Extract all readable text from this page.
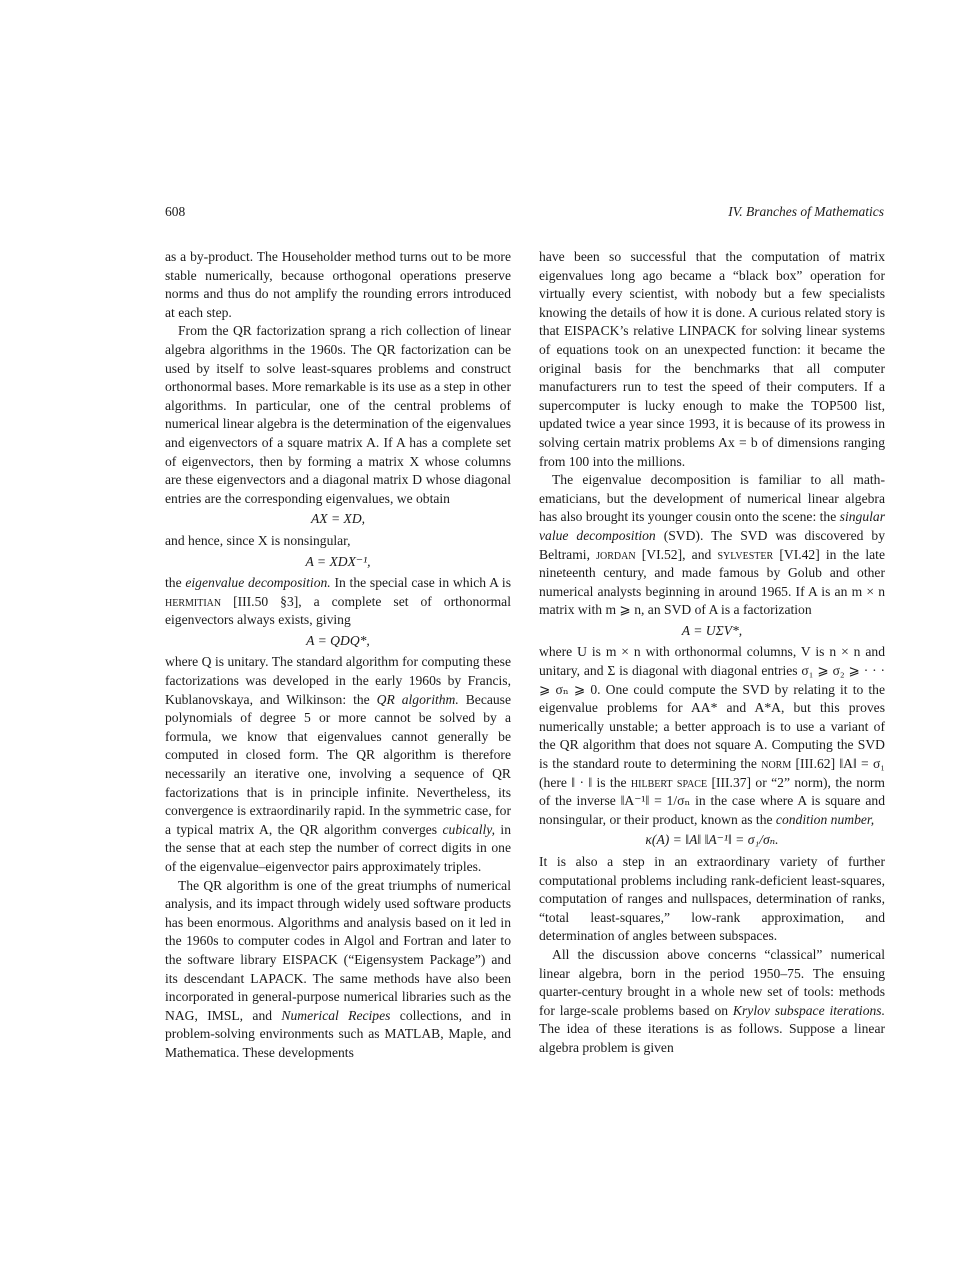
608	IV. Branches of Mathematics

as a by-product. The Householder method turns out to be more stable numerically, because orthogonal operations preserve norms and thus do not amplify the rounding errors introduced at each step.

From the QR factorization sprang a rich collection of linear algebra algorithms in the 1960s. The QR factorization can be used by itself to solve least-squares problems and construct orthonormal bases. More remarkable is its use as a step in other algorithms. In particular, one of the central problems of numerical linear algebra is the determination of the eigenvalues and eigenvectors of a square matrix A. If A has a complete set of eigenvectors, then by forming a matrix X whose columns are these eigenvectors and a diagonal matrix D whose diagonal entries are the corresponding eigenvalues, we obtain

AX = XD,

and hence, since X is nonsingular,

A = XDX⁻¹,

the eigenvalue decomposition. In the special case in which A is hermitian [III.50 §3], a complete set of orthonormal eigenvectors always exists, giving

A = QDQ*,

where Q is unitary. The standard algorithm for computing these factorizations was developed in the early 1960s by Francis, Kublanovskaya, and Wilkinson: the QR algorithm. Because polynomials of degree 5 or more cannot be solved by a formula, we know that eigenvalues cannot generally be computed in closed form. The QR algorithm is therefore necessarily an iterative one, involving a sequence of QR factorizations that is in principle infinite. Nevertheless, its convergence is extraordinarily rapid. In the symmetric case, for a typical matrix A, the QR algorithm converges cubically, in the sense that at each step the number of correct digits in one of the eigenvalue–eigenvector pairs approximately triples.

The QR algorithm is one of the great triumphs of numerical analysis, and its impact through widely used software products has been enormous. Algorithms and analysis based on it led in the 1960s to computer codes in Algol and Fortran and later to the software library EISPACK (“Eigensystem Package”) and its descendant LAPACK. The same methods have also been incorporated in general-purpose numerical libraries such as the NAG, IMSL, and Numerical Recipes collections, and in problem-solving environments such as MATLAB, Maple, and Mathematica. These developments

have been so successful that the computation of matrix eigenvalues long ago became a “black box” operation for virtually every scientist, with nobody but a few specialists knowing the details of how it is done. A curious related story is that EISPACK’s relative LINPACK for solving linear systems of equations took on an unexpected function: it became the original basis for the benchmarks that all computer manufacturers run to test the speed of their computers. If a supercomputer is lucky enough to make the TOP500 list, updated twice a year since 1993, it is because of its prowess in solving certain matrix problems Ax = b of dimensions ranging from 100 into the millions.

The eigenvalue decomposition is familiar to all mathematicians, but the development of numerical linear algebra has also brought its younger cousin onto the scene: the singular value decomposition (SVD). The SVD was discovered by Beltrami, jordan [VI.52], and sylvester [VI.42] in the late nineteenth century, and made famous by Golub and other numerical analysts beginning in around 1965. If A is an m × n matrix with m ⩾ n, an SVD of A is a factorization

A = UΣV*,

where U is m × n with orthonormal columns, V is n × n and unitary, and Σ is diagonal with diagonal entries σ₁ ⩾ σ₂ ⩾ · · · ⩾ σₙ ⩾ 0. One could compute the SVD by relating it to the eigenvalue problems for AA* and A*A, but this proves numerically unstable; a better approach is to use a variant of the QR algorithm that does not square A. Computing the SVD is the standard route to determining the norm [III.62] ‖A‖ = σ₁ (here ‖ · ‖ is the hilbert space [III.37] or “2” norm), the norm of the inverse ‖A⁻¹‖ = 1/σₙ in the case where A is square and nonsingular, or their product, known as the condition number,

κ(A) = ‖A‖ ‖A⁻¹‖ = σ₁/σₙ.

It is also a step in an extraordinary variety of further computational problems including rank-deficient least-squares, computation of ranges and nullspaces, determination of ranks, “total least-squares,” low-rank approximation, and determination of angles between subspaces.

All the discussion above concerns “classical” numerical linear algebra, born in the period 1950–75. The ensuing quarter-century brought in a whole new set of tools: methods for large-scale problems based on Krylov subspace iterations. The idea of these iterations is as follows. Suppose a linear algebra problem is given
